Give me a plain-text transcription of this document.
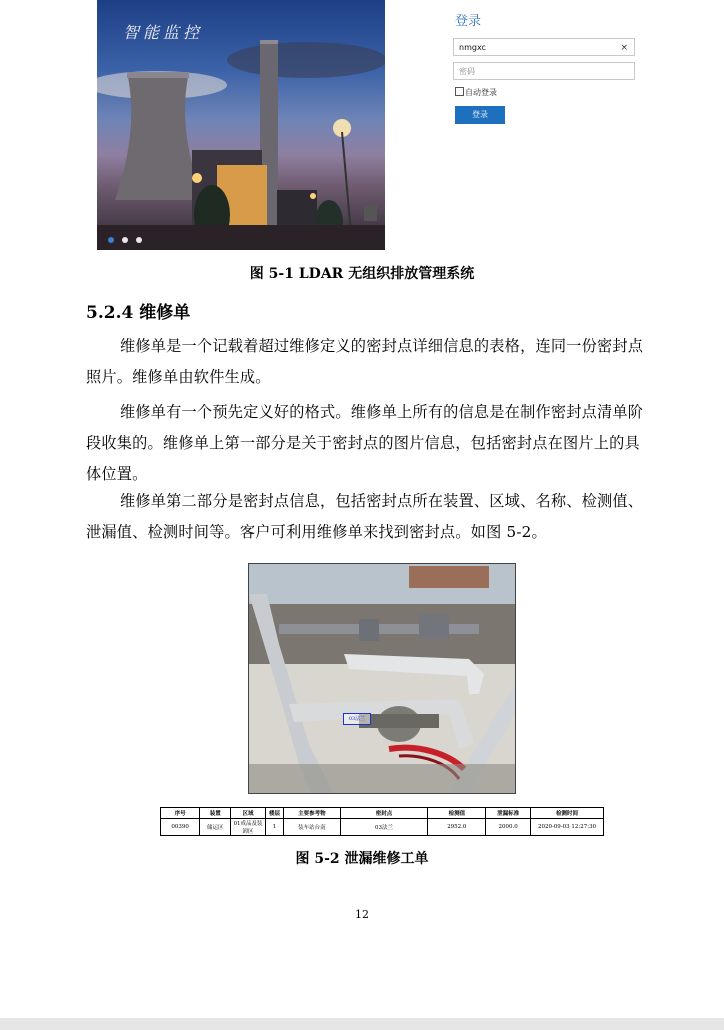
智能监控
登录
nmgxc	×
密码
自动登录
登录
图 5-1 LDAR 无组织排放管理系统
5.2.4 维修单
维修单是一个记载着超过维修定义的密封点详细信息的表格，连同一份密封点照片。维修单由软件生成。
维修单有一个预先定义好的格式。维修单上所有的信息是在制作密封点清单阶段收集的。维修单上第一部分是关于密封点的图片信息，包括密封点在图片上的具体位置。
维修单第二部分是密封点信息，包括密封点所在装置、区域、名称、检测值、泄漏值、检测时间等。客户可利用维修单来找到密封点。如图 5-2。
03法兰
序号	装置	区域	楼层	主要参考物	密封点	检测值	泄漏标准	检测时间
00390	储运区	01成品及装卸区	1	装车站台南	03法兰	2952.0	2000.0	2020-09-03 12:27:30
图 5-2 泄漏维修工单
12
